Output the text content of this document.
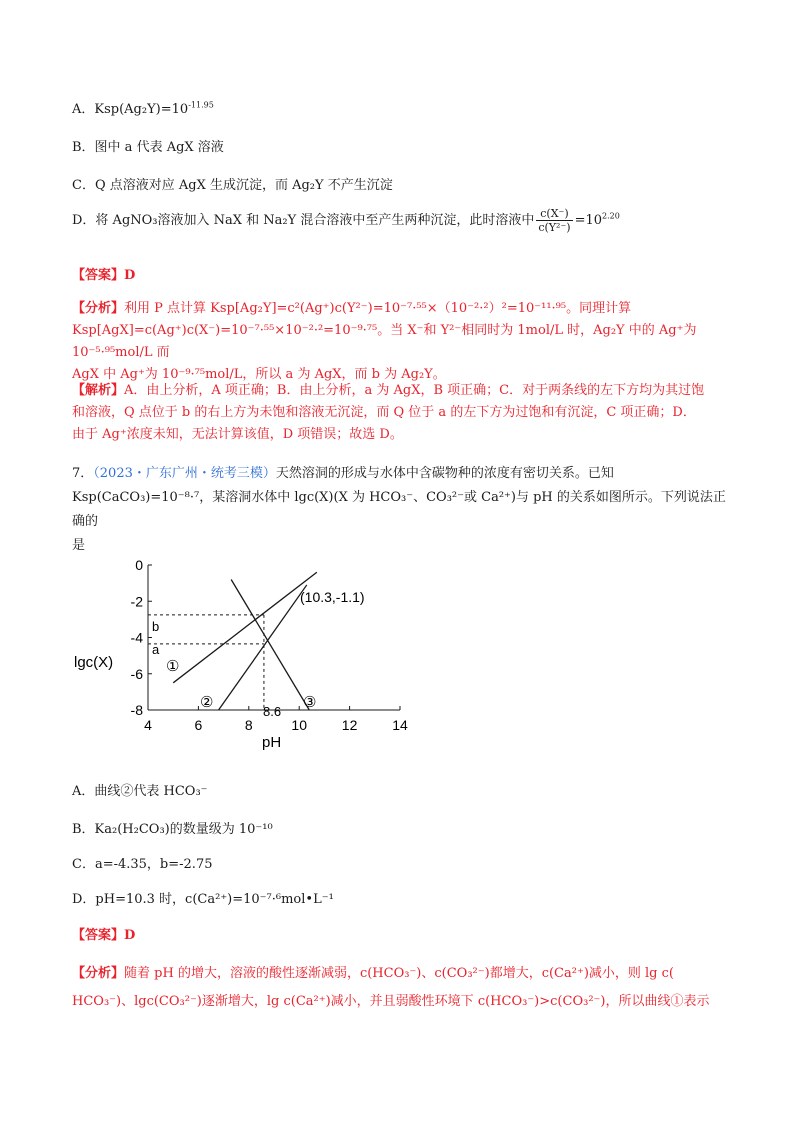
A．$Ksp(Ag_2Y)=10^{-11.95}$
B．图中 a 代表 AgX 溶液
C．Q 点溶液对应 AgX 生成沉淀，而 Ag₂Y 不产生沉淀
D．将 AgNO₃溶液加入 NaX 和 Na₂Y 混合溶液中至产生两种沉淀，此时溶液中 $\frac{c(X^-)}{\text{c(Y²⁻)}} =10^{2.20}$
【答案】D
【分析】利用 P 点计算 Ksp[Ag₂Y]=c²(Ag⁺)c(Y²⁻)=10⁻⁷·⁵⁵×（10⁻²·²）²=10⁻¹¹·⁹⁵。同理计算
Ksp[AgX]=c(Ag⁺)c(X⁻)=10⁻⁷·⁵⁵×10⁻²·²=10⁻⁹·⁷⁵。当 X⁻和 Y²⁻相同时为 1mol/L 时，Ag₂Y 中的 Ag⁺为 10⁻⁵·⁹⁵mol/L 而
AgX 中 Ag⁺为 10⁻⁹·⁷⁵mol/L，所以 a 为 AgX，而 b 为 Ag₂Y。
【解析】A．由上分析，A 项正确；B．由上分析，a 为 AgX，B 项正确；C．对于两条线的左下方均为其过饱
和溶液，Q 点位于 b 的右上方为未饱和溶液无沉淀，而 Q 位于 a 的左下方为过饱和有沉淀，C 项正确；D．
由于 Ag⁺浓度未知，无法计算该值，D 项错误；故选 D。
7．（2023・广东广州・统考三模）天然溶洞的形成与水体中含碳物种的浓度有密切关系。已知
Ksp(CaCO₃)=10⁻⁸·⁷，某溶洞水体中 lgc(X)(X 为 HCO₃⁻、CO₃²⁻或 Ca²⁺)与 pH 的关系如图所示。下列说法正确的
是
4	6	8	10 12 14
0
-2
-4
-6
-8
lgc(X)
pH
(10.3,-1.1)
b
a
①
②	③
8.6
A．曲线②代表 HCO₃⁻
B．Ka₂(H₂CO₃)的数量级为 10⁻¹⁰
C．a=-4.35，b=-2.75
D．pH=10.3 时，c(Ca²⁺)=10⁻⁷·⁶mol•L⁻¹
【答案】D
【分析】随着 pH 的增大，溶液的酸性逐渐减弱，c(HCO₃⁻)、c(CO₃²⁻)都增大，c(Ca²⁺)减小，则 lg c(
HCO₃⁻)、lgc(CO₃²⁻)逐渐增大，lg c(Ca²⁺)减小，并且弱酸性环境下 c(HCO₃⁻)>c(CO₃²⁻)，所以曲线①表示
